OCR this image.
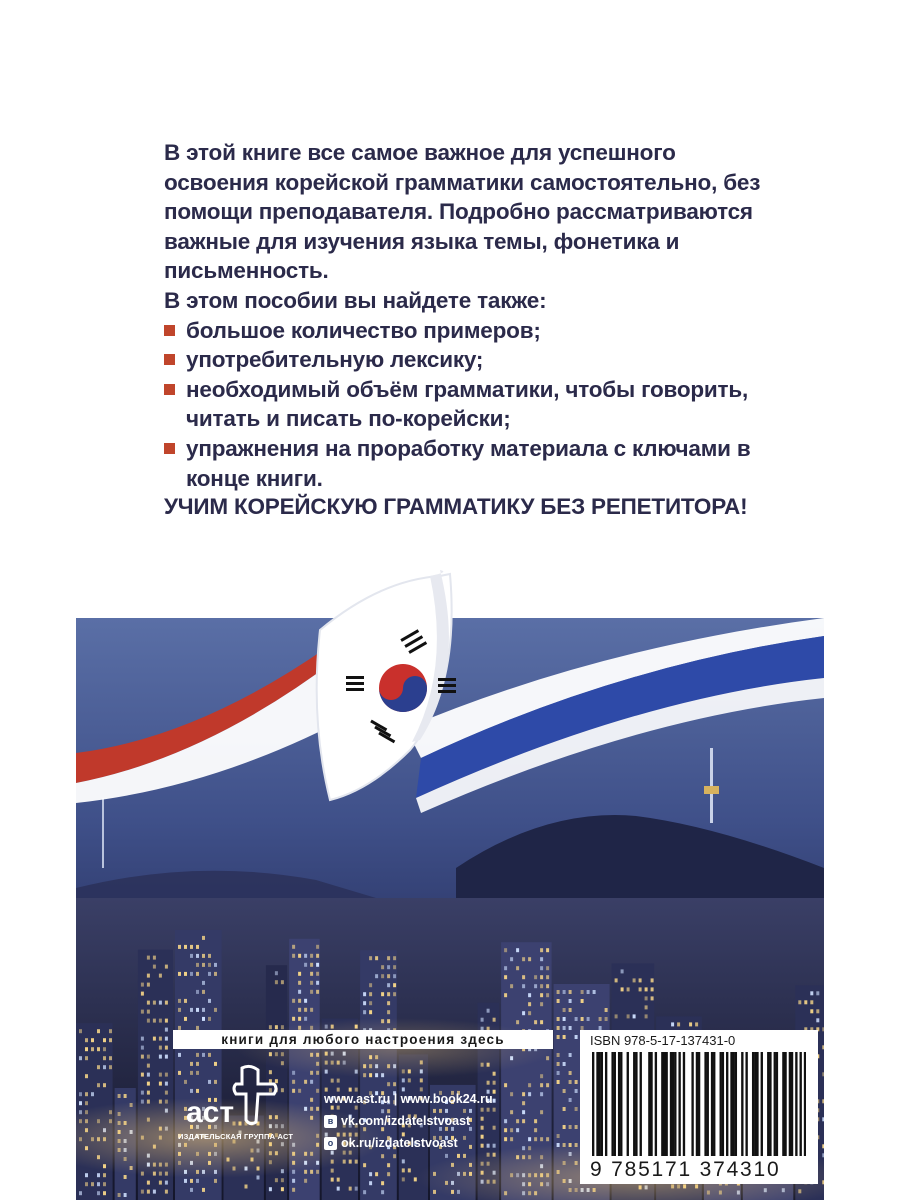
В этой книге все самое важное для успешного освоения корейской грамматики самостоятельно, без помощи преподавателя. Подробно рассматриваются важные для изучения языка темы, фонетика и письменность.

В этом пособии вы найдете также:

большое количество примеров;
употребительную лексику;
необходимый объём грамматики, чтобы говорить, читать и писать по-корейски;
упражнения на проработку материала с ключами в конце книги.

УЧИМ КОРЕЙСКУЮ ГРАММАТИКУ БЕЗ РЕПЕТИТОРА!

книги для любого настроения здесь
аст
ИЗДАТЕЛЬСКАЯ ГРУППА АСТ
www.ast.ru | www.book24.ru
в vk.com/izdatelstvoast
о ok.ru/izdatelstvoast
ISBN 978-5-17-137431-0
9 785171 374310
